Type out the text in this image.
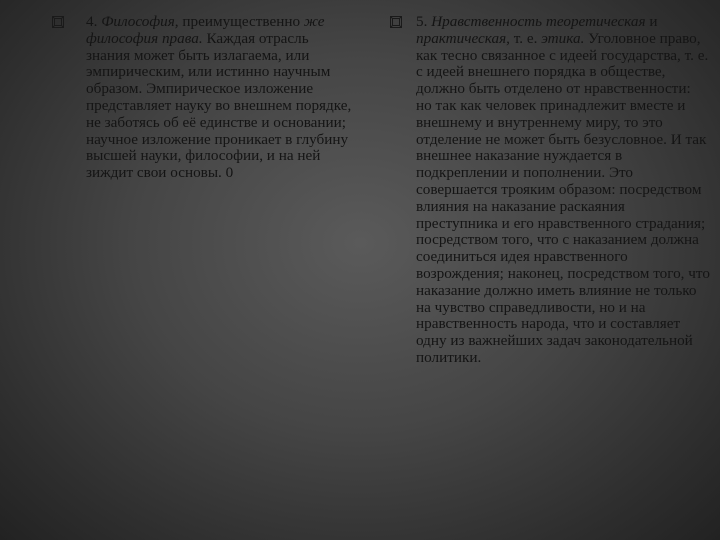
4. Философия, преимущественно же философия права. Каждая отрасль знания может быть излагаема, или эмпирическим, или истинно научным образом. Эмпирическое изложение представляет науку во внешнем порядке, не заботясь об её единстве и основании; научное изложение проникает в глубину высшей науки, философии, и на ней зиждит свои основы. 0
5. Нравственность теоретическая и практическая, т. е. этика. Уголовное право, как тесно связанное с идеей государства, т. е. с идеей внешнего порядка в обществе, должно быть отделено от нравственности: но так как человек принадлежит вместе и внешнему и внутреннему миру, то это отделение не может быть безусловное. И так внешнее наказание нуждается в подкреплении и пополнении. Это совершается трояким образом: посредством влияния на наказание раскаяния преступника и его нравственного страдания; посредством того, что с наказанием должна соединиться идея нравственного возрождения; наконец, посредством того, что наказание должно иметь влияние не только на чувство справедливости, но и на нравственность народа, что и составляет одну из важнейших задач законодательной политики.
